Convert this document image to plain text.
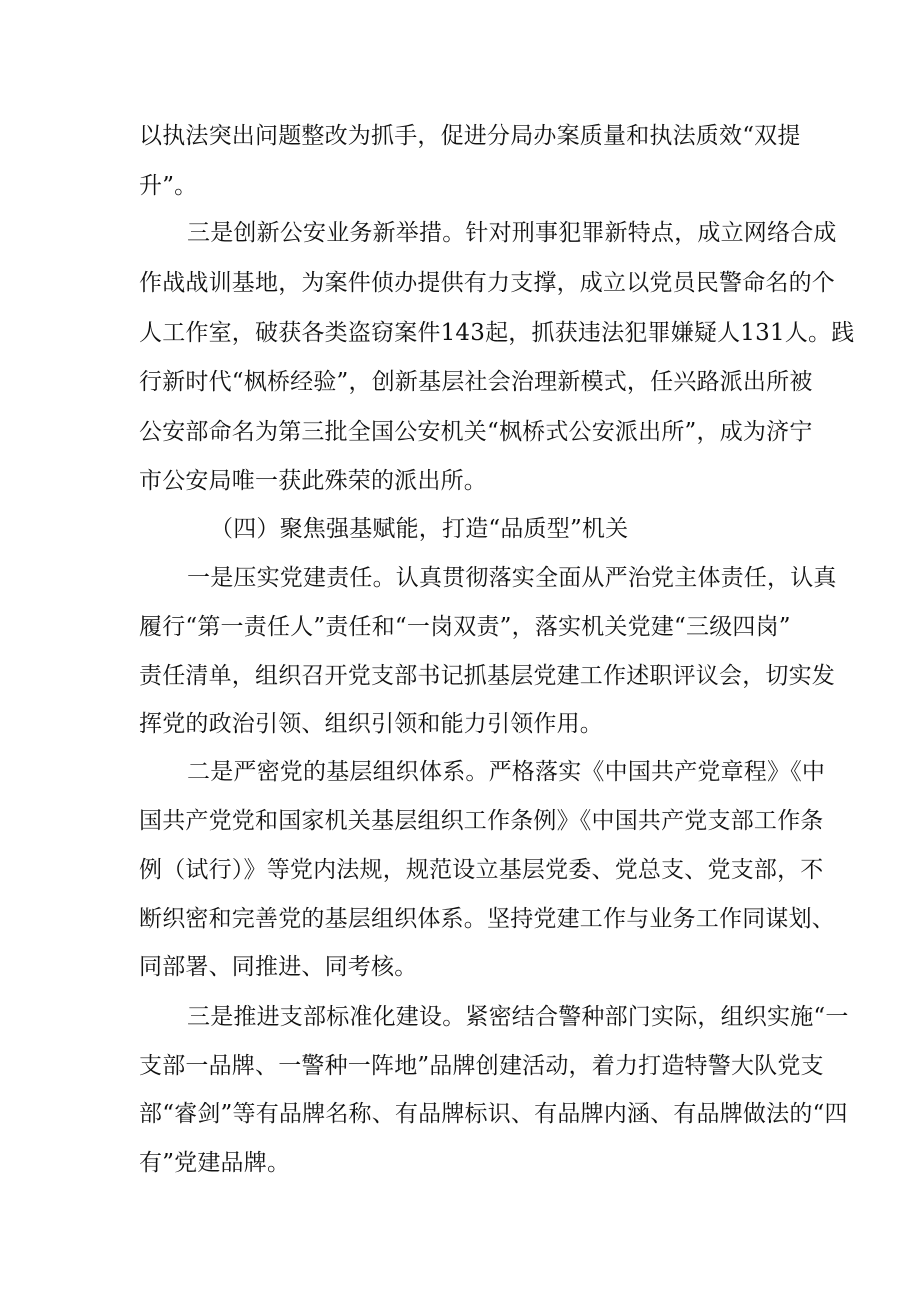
以执法突出问题整改为抓手，促进分局办案质量和执法质效“双提
升”。
三是创新公安业务新举措。针对刑事犯罪新特点，成立网络合成
作战战训基地，为案件侦办提供有力支撑，成立以党员民警命名的个
人工作室，破获各类盗窃案件143起，抓获违法犯罪嫌疑人131人。践
行新时代“枫桥经验”，创新基层社会治理新模式，任兴路派出所被
公安部命名为第三批全国公安机关“枫桥式公安派出所”，成为济宁
市公安局唯一获此殊荣的派出所。
（四）聚焦强基赋能，打造“品质型”机关
一是压实党建责任。认真贯彻落实全面从严治党主体责任，认真
履行“第一责任人”责任和“一岗双责”，落实机关党建“三级四岗”
责任清单，组织召开党支部书记抓基层党建工作述职评议会，切实发
挥党的政治引领、组织引领和能力引领作用。
二是严密党的基层组织体系。严格落实《中国共产党章程》《中
国共产党党和国家机关基层组织工作条例》《中国共产党支部工作条
例（试行）》等党内法规，规范设立基层党委、党总支、党支部，不
断织密和完善党的基层组织体系。坚持党建工作与业务工作同谋划、
同部署、同推进、同考核。
三是推进支部标准化建设。紧密结合警种部门实际，组织实施“一
支部一品牌、一警种一阵地”品牌创建活动，着力打造特警大队党支
部“睿剑”等有品牌名称、有品牌标识、有品牌内涵、有品牌做法的“四
有”党建品牌。
